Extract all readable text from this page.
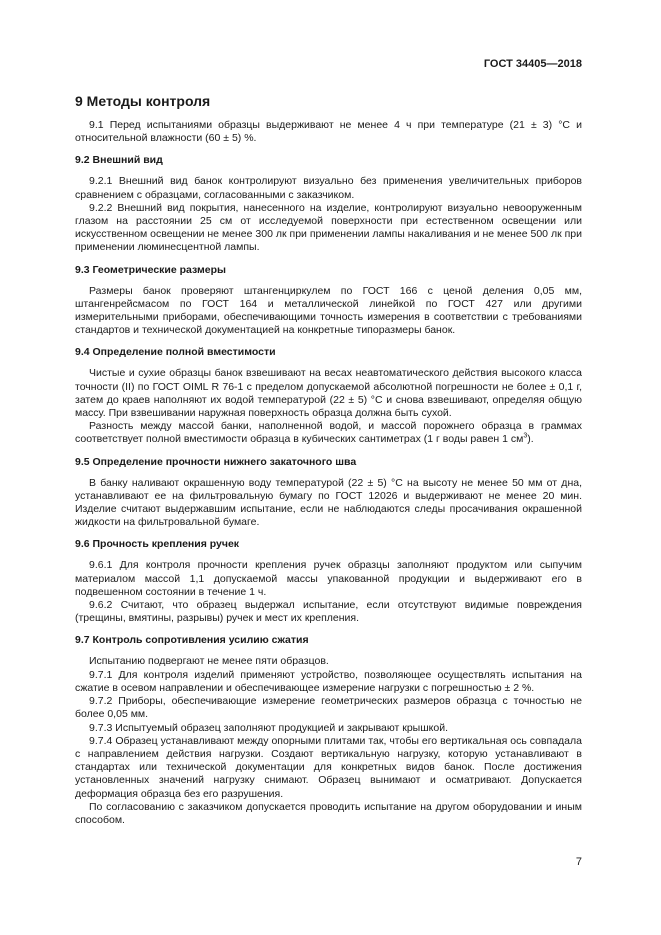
ГОСТ 34405—2018
9 Методы контроля

9.1 Перед испытаниями образцы выдерживают не менее 4 ч при температуре (21 ± 3) °С и относительной влажности (60 ± 5) %.

9.2 Внешний вид

9.2.1 Внешний вид банок контролируют визуально без применения увеличительных приборов сравнением с образцами, согласованными с заказчиком.

9.2.2 Внешний вид покрытия, нанесенного на изделие, контролируют визуально невооруженным глазом на расстоянии 25 см от исследуемой поверхности при естественном освещении или искусственном освещении не менее 300 лк при применении лампы накаливания и не менее 500 лк при применении люминесцентной лампы.

9.3 Геометрические размеры

Размеры банок проверяют штангенциркулем по ГОСТ 166 с ценой деления 0,05 мм, штангенрейсмасом по ГОСТ 164 и металлической линейкой по ГОСТ 427 или другими измерительными приборами, обеспечивающими точность измерения в соответствии с требованиями стандартов и технической документацией на конкретные типоразмеры банок.

9.4 Определение полной вместимости

Чистые и сухие образцы банок взвешивают на весах неавтоматического действия высокого класса точности (II) по ГОСТ OIML R 76-1 с пределом допускаемой абсолютной погрешности не более ± 0,1 г, затем до краев наполняют их водой температурой (22 ± 5) °С и снова взвешивают, определяя общую массу. При взвешивании наружная поверхность образца должна быть сухой.

Разность между массой банки, наполненной водой, и массой порожнего образца в граммах соответствует полной вместимости образца в кубических сантиметрах (1 г воды равен 1 $см^3$).

9.5 Определение прочности нижнего закаточного шва

В банку наливают окрашенную воду температурой (22 ± 5) °С на высоту не менее 50 мм от дна, устанавливают ее на фильтровальную бумагу по ГОСТ 12026 и выдерживают не менее 20 мин. Изделие считают выдержавшим испытание, если не наблюдаются следы просачивания окрашенной жидкости на фильтровальной бумаге.

9.6 Прочность крепления ручек

9.6.1 Для контроля прочности крепления ручек образцы заполняют продуктом или сыпучим материалом массой 1,1 допускаемой массы упакованной продукции и выдерживают его в подвешенном состоянии в течение 1 ч.

9.6.2 Считают, что образец выдержал испытание, если отсутствуют видимые повреждения (трещины, вмятины, разрывы) ручек и мест их крепления.

9.7 Контроль сопротивления усилию сжатия

Испытанию подвергают не менее пяти образцов.

9.7.1 Для контроля изделий применяют устройство, позволяющее осуществлять испытания на сжатие в осевом направлении и обеспечивающее измерение нагрузки с погрешностью ± 2 %.

9.7.2 Приборы, обеспечивающие измерение геометрических размеров образца с точностью не более 0,05 мм.

9.7.3 Испытуемый образец заполняют продукцией и закрывают крышкой.

9.7.4 Образец устанавливают между опорными плитами так, чтобы его вертикальная ось совпадала с направлением действия нагрузки. Создают вертикальную нагрузку, которую устанавливают в стандартах или технической документации для конкретных видов банок. После достижения установленных значений нагрузку снимают. Образец вынимают и осматривают. Допускается деформация образца без его разрушения.

По согласованию с заказчиком допускается проводить испытание на другом оборудовании и иным способом.

7
